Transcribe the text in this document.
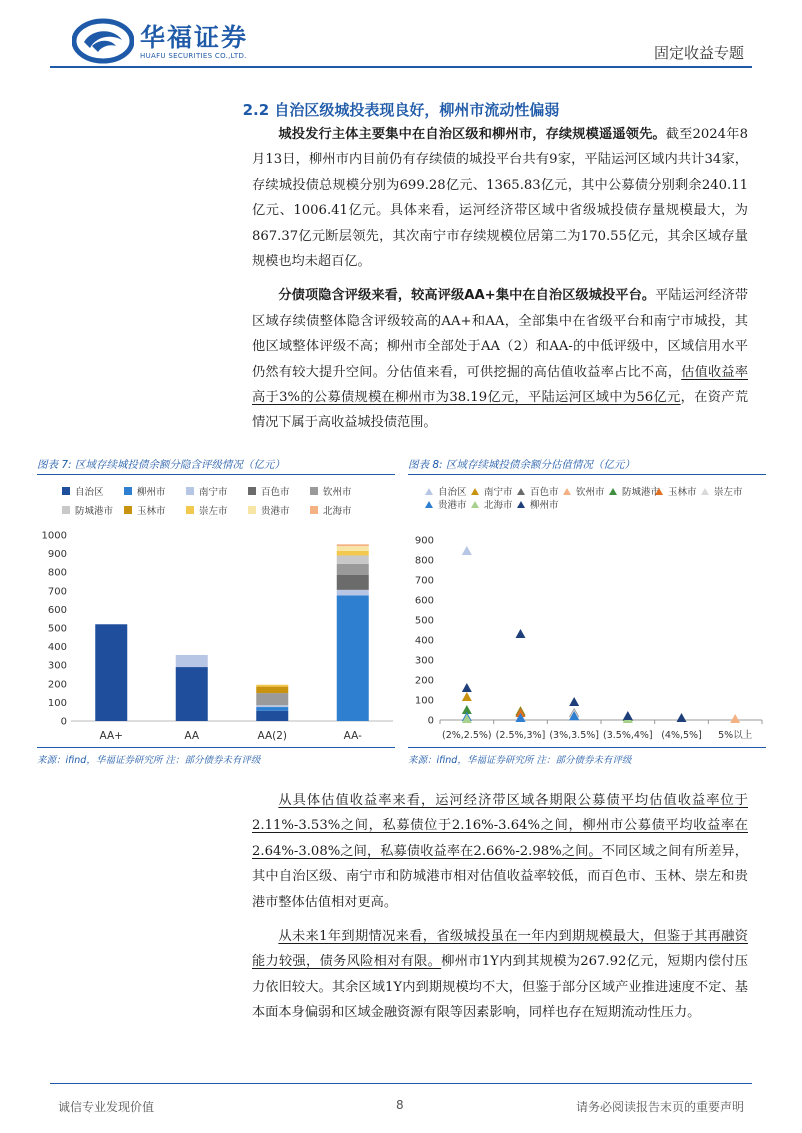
华福证券
HUAFU SECURITIES CO.,LTD.	固定收益专题
2.2 自治区级城投表现良好，柳州市流动性偏弱

城投发行主体主要集中在自治区级和柳州市，存续规模遥遥领先。截至2024年8月13日，柳州市内目前仍有存续债的城投平台共有9家，平陆运河区域内共计34家，存续城投债总规模分别为699.28亿元、1365.83亿元，其中公募债分别剩余240.11亿元、1006.41亿元。具体来看，运河经济带区域中省级城投债存量规模最大，为867.37亿元断层领先，其次南宁市存续规模位居第二为170.55亿元，其余区域存量规模也均未超百亿。

分债项隐含评级来看，较高评级AA+集中在自治区级城投平台。平陆运河经济带区域存续债整体隐含评级较高的AA+和AA，全部集中在省级平台和南宁市城投，其他区域整体评级不高；柳州市全部处于AA（2）和AA-的中低评级中，区域信用水平仍然有较大提升空间。分估值来看，可供挖掘的高估值收益率占比不高，估值收益率高于3%的公募债规模在柳州市为38.19亿元，平陆运河区域中为56亿元，在资产荒情况下属于高收益城投债范围。

图表 7: 区域存续城投债余额分隐含评级情况（亿元）
自治区	柳州市	南宁市	百色市	钦州市
防城港市	玉林市	崇左市	贵港市	北海市
0
100
200
300
400
500
600
700
800
900
1000
AA+	AA	AA(2)	AA-
来源：ifind，华福证券研究所 注：部分债券未有评级
图表 8: 区域存续城投债余额分估值情况（亿元）
自治区 南宁市 百色市 钦州市 防城港市 玉林市 崇左市
贵港市 北海市 柳州市
0
100
200
300
400
500
600
700
800
900
(2%,2.5%) (2.5%,3%] (3%,3.5%] (3.5%,4%] (4%,5%] 5%以上
来源：ifind，华福证券研究所 注：部分债券未有评级

从具体估值收益率来看，运河经济带区域各期限公募债平均估值收益率位于2.11%-3.53%之间，私募债位于2.16%-3.64%之间，柳州市公募债平均收益率在2.64%-3.08%之间，私募债收益率在2.66%-2.98%之间。不同区域之间有所差异，其中自治区级、南宁市和防城港市相对估值收益率较低，而百色市、玉林、崇左和贵港市整体估值相对更高。

从未来1年到期情况来看，省级城投虽在一年内到期规模最大，但鉴于其再融资能力较强，债务风险相对有限。柳州市1Y内到其规模为267.92亿元，短期内偿付压力依旧较大。其余区域1Y内到期规模均不大，但鉴于部分区域产业推进速度不定、基本面本身偏弱和区域金融资源有限等因素影响，同样也存在短期流动性压力。

诚信专业发现价值	8	请务必阅读报告末页的重要声明
